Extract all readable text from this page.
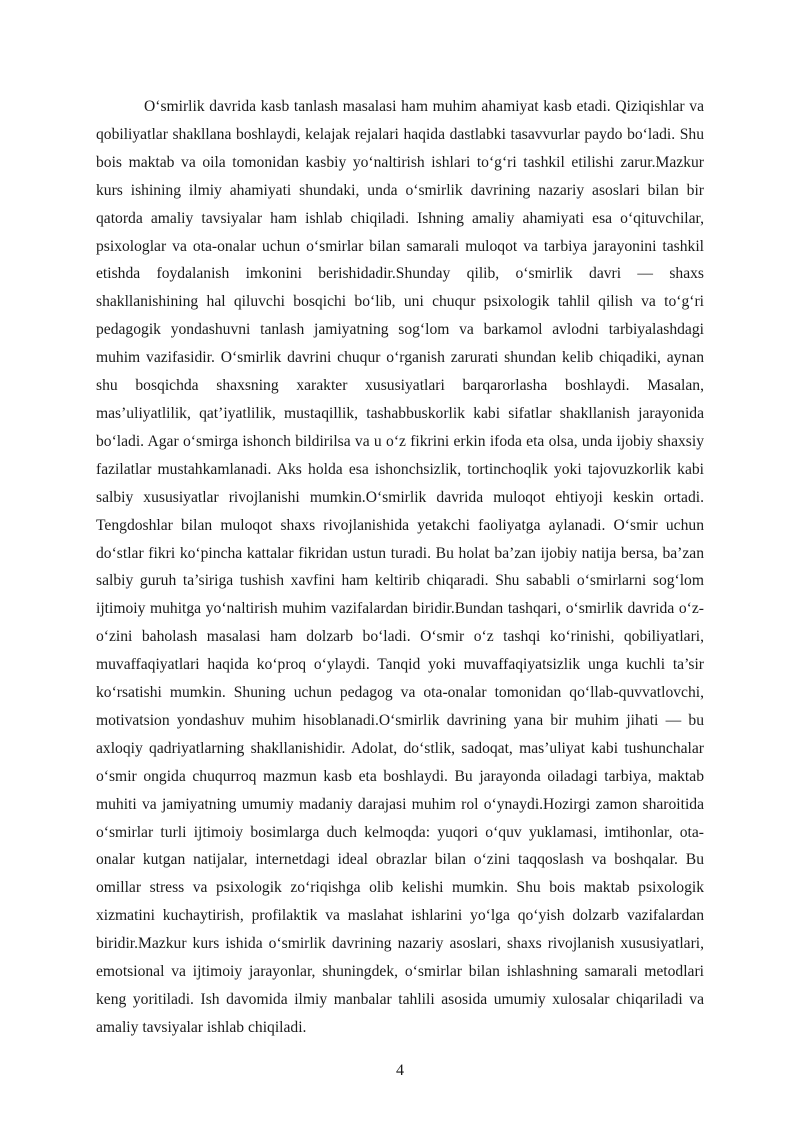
Oʻsmirlik davrida kasb tanlash masalasi ham muhim ahamiyat kasb etadi. Qiziqishlar va qobiliyatlar shakllana boshlaydi, kelajak rejalari haqida dastlabki tasavvurlar paydo boʻladi. Shu bois maktab va oila tomonidan kasbiy yoʻnaltirish ishlari toʻgʻri tashkil etilishi zarur.Mazkur kurs ishining ilmiy ahamiyati shundaki, unda oʻsmirlik davrining nazariy asoslari bilan bir qatorda amaliy tavsiyalar ham ishlab chiqiladi. Ishning amaliy ahamiyati esa oʻqituvchilar, psixologlar va ota-onalar uchun oʻsmirlar bilan samarali muloqot va tarbiya jarayonini tashkil etishda foydalanish imkonini berishidadir.Shunday qilib, oʻsmirlik davri — shaxs shakllanishining hal qiluvchi bosqichi boʻlib, uni chuqur psixologik tahlil qilish va toʻgʻri pedagogik yondashuvni tanlash jamiyatning sogʻlom va barkamol avlodni tarbiyalashdagi muhim vazifasidir. Oʻsmirlik davrini chuqur oʻrganish zarurati shundan kelib chiqadiki, aynan shu bosqichda shaxsning xarakter xususiyatlari barqarorlasha boshlaydi. Masalan, mas’uliyatlilik, qat’iyatlilik, mustaqillik, tashabbuskorlik kabi sifatlar shakllanish jarayonida boʻladi. Agar oʻsmirga ishonch bildirilsa va u oʻz fikrini erkin ifoda eta olsa, unda ijobiy shaxsiy fazilatlar mustahkamlanadi. Aks holda esa ishonchsizlik, tortinchoqlik yoki tajovuzkorlik kabi salbiy xususiyatlar rivojlanishi mumkin.Oʻsmirlik davrida muloqot ehtiyoji keskin ortadi. Tengdoshlar bilan muloqot shaxs rivojlanishida yetakchi faoliyatga aylanadi. Oʻsmir uchun doʻstlar fikri koʻpincha kattalar fikridan ustun turadi. Bu holat ba’zan ijobiy natija bersa, ba’zan salbiy guruh ta’siriga tushish xavfini ham keltirib chiqaradi. Shu sababli oʻsmirlarni sogʻlom ijtimoiy muhitga yoʻnaltirish muhim vazifalardan biridir.Bundan tashqari, oʻsmirlik davrida oʻz-oʻzini baholash masalasi ham dolzarb boʻladi. Oʻsmir oʻz tashqi koʻrinishi, qobiliyatlari, muvaffaqiyatlari haqida koʻproq oʻylaydi. Tanqid yoki muvaffaqiyatsizlik unga kuchli ta’sir koʻrsatishi mumkin. Shuning uchun pedagog va ota-onalar tomonidan qoʻllab-quvvatlovchi, motivatsion yondashuv muhim hisoblanadi.Oʻsmirlik davrining yana bir muhim jihati — bu axloqiy qadriyatlarning shakllanishidir. Adolat, doʻstlik, sadoqat, mas’uliyat kabi tushunchalar oʻsmir ongida chuqurroq mazmun kasb eta boshlaydi. Bu jarayonda oiladagi tarbiya, maktab muhiti va jamiyatning umumiy madaniy darajasi muhim rol oʻynaydi.Hozirgi zamon sharoitida oʻsmirlar turli ijtimoiy bosimlarga duch kelmoqda: yuqori oʻquv yuklamasi, imtihonlar, ota-onalar kutgan natijalar, internetdagi ideal obrazlar bilan oʻzini taqqoslash va boshqalar. Bu omillar stress va psixologik zoʻriqishga olib kelishi mumkin. Shu bois maktab psixologik xizmatini kuchaytirish, profilaktik va maslahat ishlarini yoʻlga qoʻyish dolzarb vazifalardan biridir.Mazkur kurs ishida oʻsmirlik davrining nazariy asoslari, shaxs rivojlanish xususiyatlari, emotsional va ijtimoiy jarayonlar, shuningdek, oʻsmirlar bilan ishlashning samarali metodlari keng yoritiladi. Ish davomida ilmiy manbalar tahlili asosida umumiy xulosalar chiqariladi va amaliy tavsiyalar ishlab chiqiladi.

4
